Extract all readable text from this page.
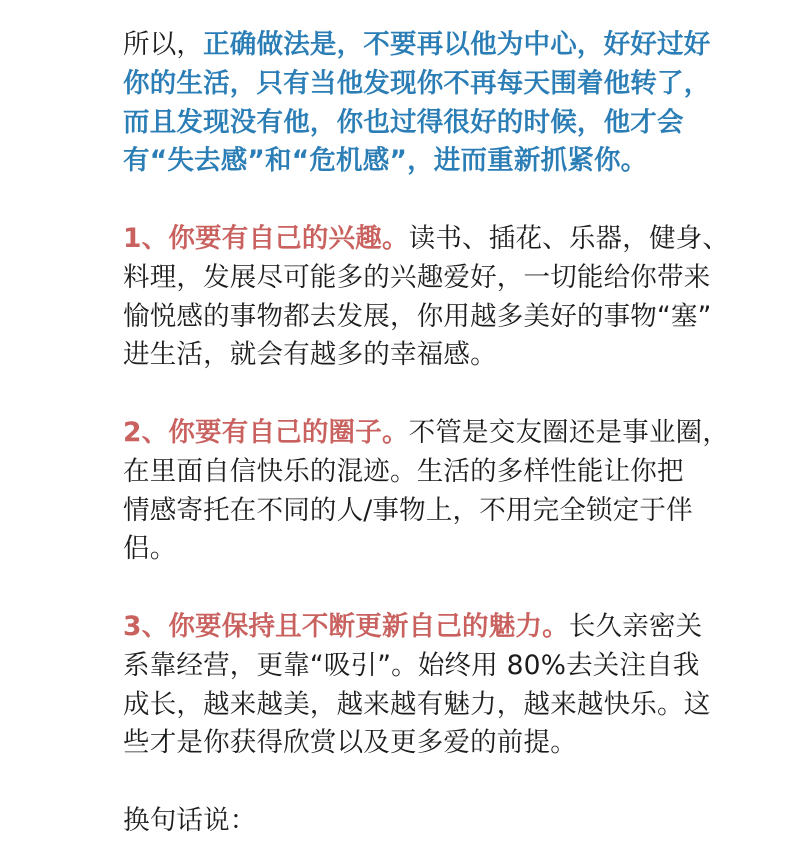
所以，正确做法是，不要再以他为中心，好好过好
你的生活，只有当他发现你不再每天围着他转了，
而且发现没有他，你也过得很好的时候，他才会
有“失去感”和“危机感”，进而重新抓紧你。

1、你要有自己的兴趣。读书、插花、乐器，健身、
料理，发展尽可能多的兴趣爱好，一切能给你带来
愉悦感的事物都去发展，你用越多美好的事物“塞”
进生活，就会有越多的幸福感。

2、你要有自己的圈子。不管是交友圈还是事业圈，
在里面自信快乐的混迹。生活的多样性能让你把
情感寄托在不同的人/事物上，不用完全锁定于伴
侣。

3、你要保持且不断更新自己的魅力。长久亲密关
系靠经营，更靠“吸引”。始终用 80%去关注自我
成长，越来越美，越来越有魅力，越来越快乐。这
些才是你获得欣赏以及更多爱的前提。

换句话说：
